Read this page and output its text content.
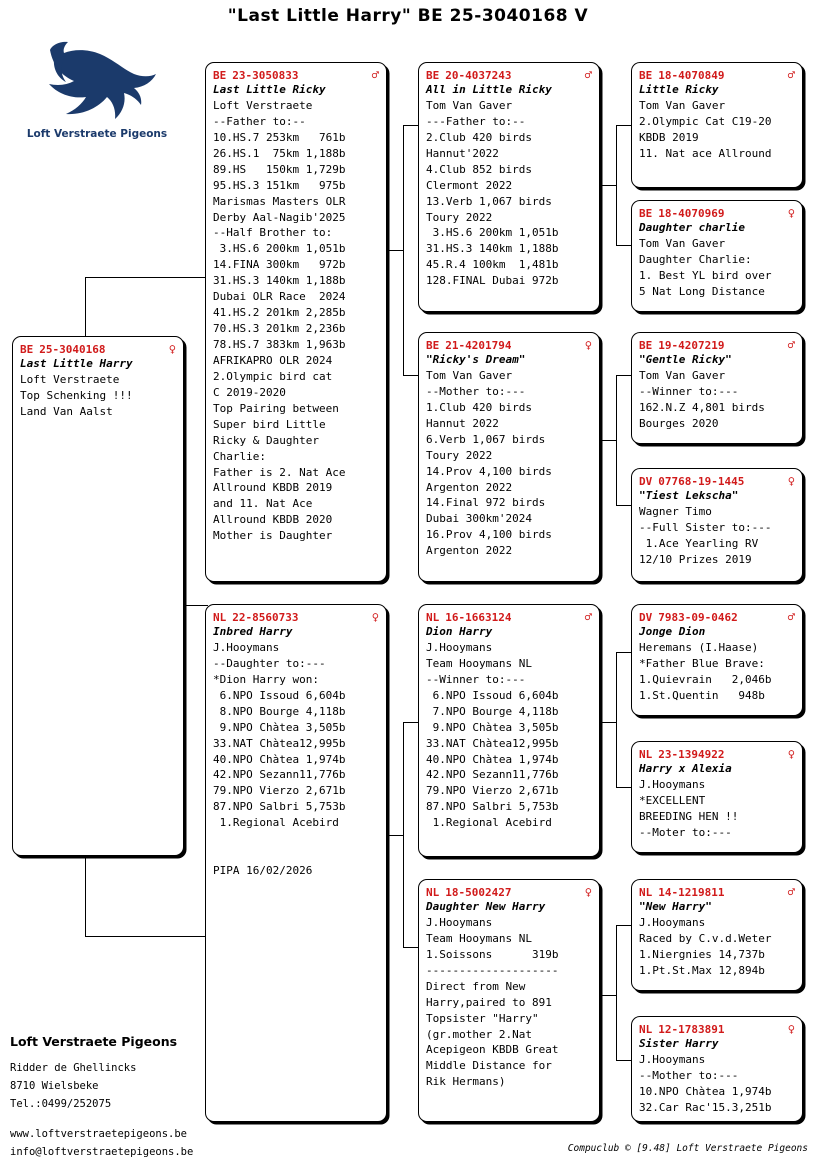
"Last Little Harry" BE 25-3040168 V
Loft Verstraete Pigeons
BE 25-3040168	♀
Last Little Harry
Loft Verstraete
Top Schenking !!!
Land Van Aalst
BE 23-3050833	♂
Last Little Ricky
Loft Verstraete
--Father to:--
10.HS.7 253km   761b
26.HS.1  75km 1,188b
89.HS   150km 1,729b
95.HS.3 151km   975b
Marismas Masters OLR
Derby Aal-Nagib'2025
--Half Brother to:
3.HS.6 200km 1,051b
14.FINA 300km   972b
31.HS.3 140km 1,188b
Dubai OLR Race  2024
41.HS.2 201km 2,285b
70.HS.3 201km 2,236b
78.HS.7 383km 1,963b
AFRIKAPRO OLR 2024
2.Olympic bird cat
C 2019-2020
Top Pairing between
Super bird Little
Ricky & Daughter
Charlie:
Father is 2. Nat Ace
Allround KBDB 2019
and 11. Nat Ace
Allround KBDB 2020
Mother is Daughter
NL 22-8560733	♀
Inbred Harry
J.Hooymans
--Daughter to:---
*Dion Harry won:
6.NPO Issoud 6,604b
8.NPO Bourge 4,118b
9.NPO Chàtea 3,505b
33.NAT Chàtea12,995b
40.NPO Chàtea 1,974b
42.NPO Sezann11,776b
79.NPO Vierzo 2,671b
87.NPO Salbri 5,753b
1.Regional Acebird

PIPA 16/02/2026
BE 20-4037243	♂
All in Little Ricky
Tom Van Gaver
---Father to:--
2.Club 420 birds
Hannut'2022
4.Club 852 birds
Clermont 2022
13.Verb 1,067 birds
Toury 2022
3.HS.6 200km 1,051b
31.HS.3 140km 1,188b
45.R.4 100km  1,481b
128.FINAL Dubai 972b
BE 21-4201794	♀
"Ricky's Dream"
Tom Van Gaver
--Mother to:---
1.Club 420 birds
Hannut 2022
6.Verb 1,067 birds
Toury 2022
14.Prov 4,100 birds
Argenton 2022
14.Final 972 birds
Dubai 300km'2024
16.Prov 4,100 birds
Argenton 2022
NL 16-1663124	♂
Dion Harry
J.Hooymans
Team Hooymans NL
--Winner to:---
6.NPO Issoud 6,604b
7.NPO Bourge 4,118b
9.NPO Chàtea 3,505b
33.NAT Chàtea12,995b
40.NPO Chàtea 1,974b
42.NPO Sezann11,776b
79.NPO Vierzo 2,671b
87.NPO Salbri 5,753b
1.Regional Acebird
NL 18-5002427	♀
Daughter New Harry
J.Hooymans
Team Hooymans NL
1.Soissons      319b
--------------------
Direct from New
Harry,paired to 891
Topsister "Harry"
(gr.mother 2.Nat
Acepigeon KBDB Great
Middle Distance for
Rik Hermans)
BE 18-4070849	♂
Little Ricky
Tom Van Gaver
2.Olympic Cat C19-20
KBDB 2019
11. Nat ace Allround
BE 18-4070969	♀
Daughter charlie
Tom Van Gaver
Daughter Charlie:
1. Best YL bird over
5 Nat Long Distance
BE 19-4207219	♂
"Gentle Ricky"
Tom Van Gaver
--Winner to:---
162.N.Z 4,801 birds
Bourges 2020
DV 07768-19-1445	♀
"Tiest Lekscha"
Wagner Timo
--Full Sister to:---
1.Ace Yearling RV
12/10 Prizes 2019
DV 7983-09-0462	♂
Jonge Dion
Heremans (I.Haase)
*Father Blue Brave:
1.Quievrain   2,046b
1.St.Quentin   948b
NL 23-1394922	♀
Harry x Alexia
J.Hooymans
*EXCELLENT
BREEDING HEN !!
--Moter to:---
NL 14-1219811	♂
"New Harry"
J.Hooymans
Raced by C.v.d.Weter
1.Niergnies 14,737b
1.Pt.St.Max 12,894b
NL 12-1783891	♀
Sister Harry
J.Hooymans
--Mother to:---
10.NPO Chàtea 1,974b
32.Car Rac'15.3,251b
Loft Verstraete Pigeons
Ridder de Ghellincks
8710 Wielsbeke
Tel.:0499/252075
www.loftverstraetepigeons.be
info@loftverstraetepigeons.be	Compuclub © [9.48] Loft Verstraete Pigeons
